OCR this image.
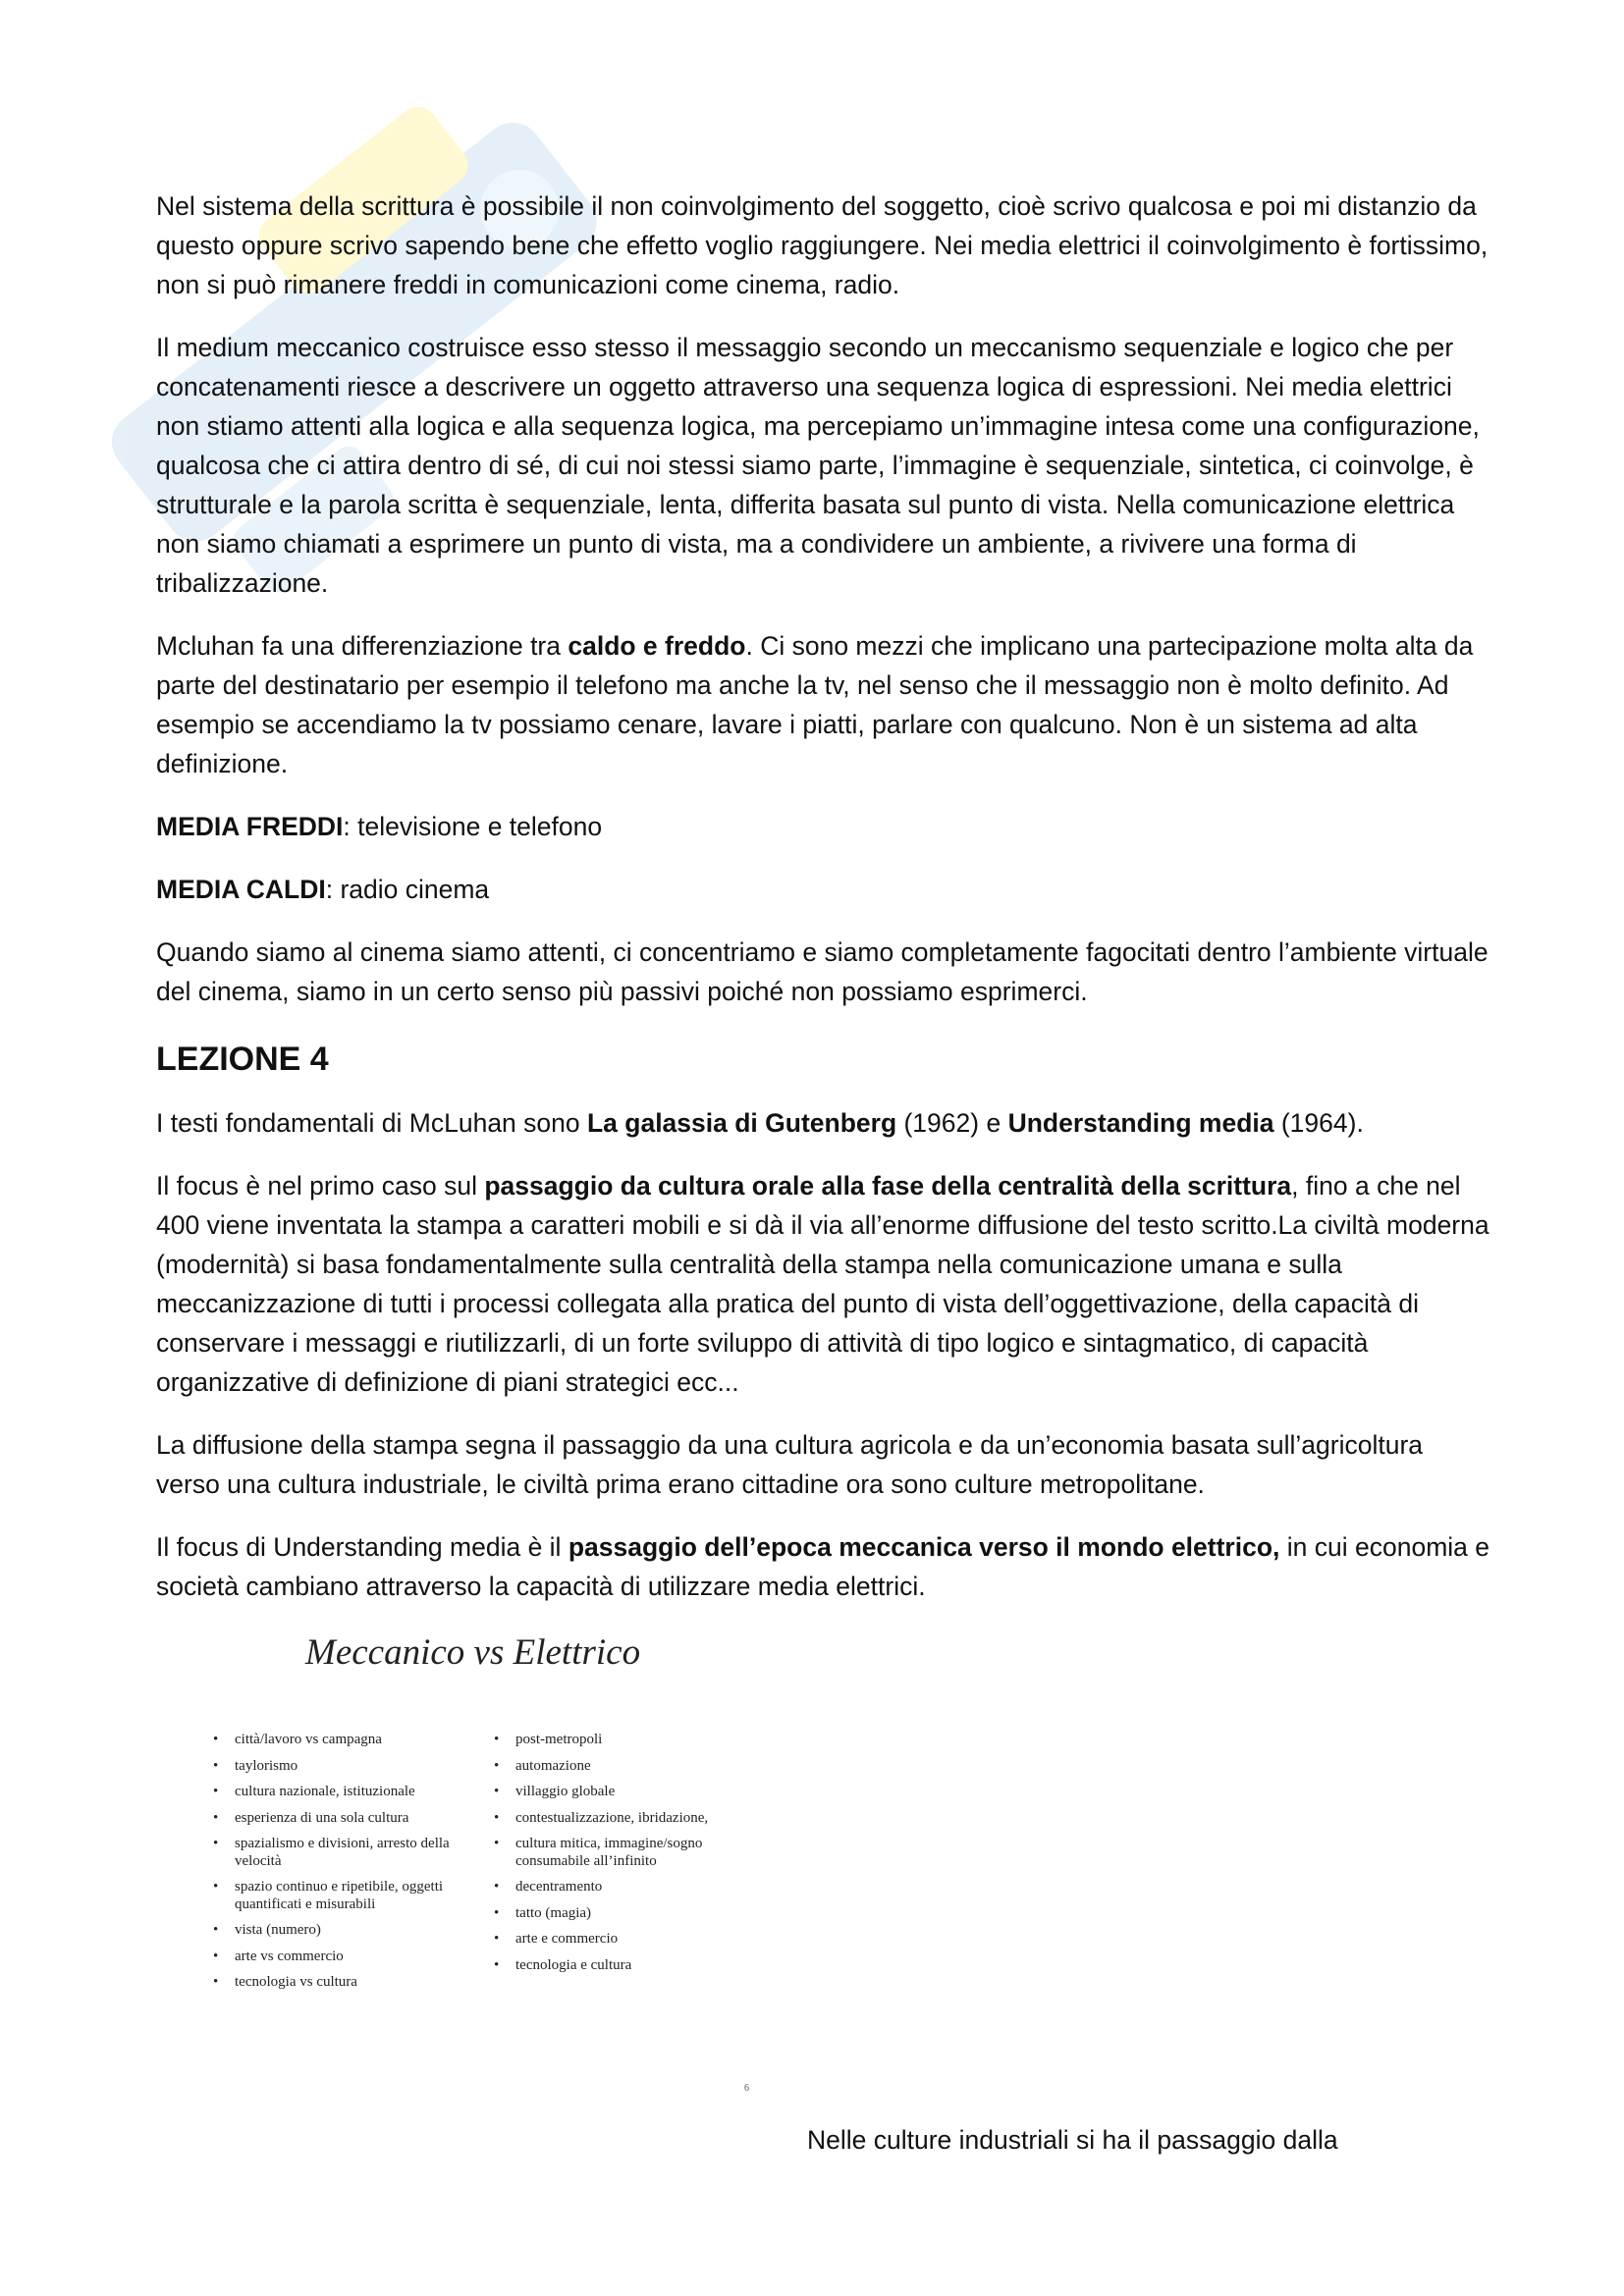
Nel sistema della scrittura è possibile il non coinvolgimento del soggetto, cioè scrivo qualcosa e poi mi distanzio da questo oppure scrivo sapendo bene che effetto voglio raggiungere. Nei media elettrici il coinvolgimento è fortissimo, non si può rimanere freddi in comunicazioni come cinema, radio.

Il medium meccanico costruisce esso stesso il messaggio secondo un meccanismo sequenziale e logico che per concatenamenti riesce a descrivere un oggetto attraverso una sequenza logica di espressioni. Nei media elettrici non stiamo attenti alla logica e alla sequenza logica, ma percepiamo un’immagine intesa come una configurazione, qualcosa che ci attira dentro di sé, di cui noi stessi siamo parte, l’immagine è sequenziale, sintetica, ci coinvolge, è strutturale e la parola scritta è sequenziale, lenta, differita basata sul punto di vista. Nella comunicazione elettrica non siamo chiamati a esprimere un punto di vista, ma a condividere un ambiente, a rivivere una forma di tribalizzazione.

Mcluhan fa una differenziazione tra caldo e freddo. Ci sono mezzi che implicano una partecipazione molta alta da parte del destinatario per esempio il telefono ma anche la tv, nel senso che il messaggio non è molto definito. Ad esempio se accendiamo la tv possiamo cenare, lavare i piatti, parlare con qualcuno. Non è un sistema ad alta definizione.

MEDIA FREDDI: televisione e telefono

MEDIA CALDI: radio cinema

Quando siamo al cinema siamo attenti, ci concentriamo e siamo completamente fagocitati dentro l’ambiente virtuale del cinema, siamo in un certo senso più passivi poiché non possiamo esprimerci.

LEZIONE 4

I testi fondamentali di McLuhan sono La galassia di Gutenberg (1962) e Understanding media (1964).

Il focus è nel primo caso sul passaggio da cultura orale alla fase della centralità della scrittura, fino a che nel 400 viene inventata la stampa a caratteri mobili e si dà il via all’enorme diffusione del testo scritto.La civiltà moderna (modernità) si basa fondamentalmente sulla centralità della stampa nella comunicazione umana e sulla meccanizzazione di tutti i processi collegata alla pratica del punto di vista dell’oggettivazione, della capacità di conservare i messaggi e riutilizzarli, di un forte sviluppo di attività di tipo logico e sintagmatico, di capacità organizzative di definizione di piani strategici ecc...

La diffusione della stampa segna il passaggio da una cultura agricola e da un’economia basata sull’agricoltura verso una cultura industriale, le civiltà prima erano cittadine ora sono culture metropolitane.

Il focus di Understanding media è il passaggio dell’epoca meccanica verso il mondo elettrico, in cui economia e società cambiano attraverso la capacità di utilizzare media elettrici.

Meccanico vs Elettrico
• città/lavoro vs campagna
• taylorismo
• cultura nazionale, istituzionale
• esperienza di una sola cultura
• spazialismo e divisioni, arresto della velocità
• spazio continuo e ripetibile, oggetti quantificati e misurabili
• vista (numero)
• arte vs commercio
• tecnologia vs cultura
• post-metropoli
• automazione
• villaggio globale
• contestualizzazione, ibridazione,
• cultura mitica, immagine/sogno consumabile all’infinito
• decentramento
• tatto (magia)
• arte e commercio
• tecnologia e cultura
6
Nelle culture industriali si ha il passaggio dalla
